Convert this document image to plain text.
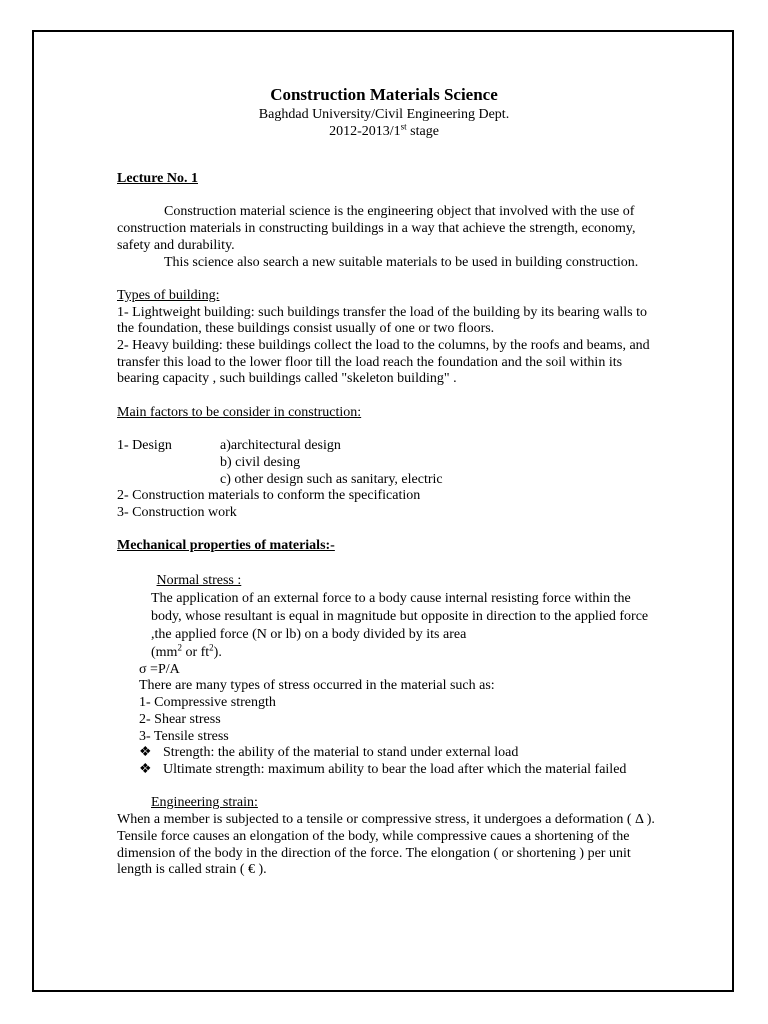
Construction Materials Science
Baghdad University/Civil Engineering Dept.
2012-2013/1st stage
Lecture No. 1

Construction material science is the engineering object that involved with the use of construction materials in constructing buildings in a way that achieve the strength, economy, safety and durability.

This science also search a new suitable materials to be used in building construction.

Types of building:

1- Lightweight building: such buildings transfer the load of the building by its bearing walls to the foundation, these buildings consist usually of one or two floors.

2- Heavy building: these buildings collect the load to the columns, by the roofs and beams, and transfer this load to the lower floor till the load reach the foundation and the soil within its bearing capacity , such buildings called "skeleton building" .

Main factors to be consider in construction:

1- Design	a)architectural design

b) civil desing

c) other design such as sanitary, electric

2- Construction materials to conform the specification

3- Construction work

Mechanical properties of materials:-

Normal stress :

The application of an external force to a body cause internal resisting force within the body, whose resultant is equal in magnitude but opposite in direction to the applied force ,the applied force (N or lb) on a body divided by its area

($mm^2$ or $ft^2$).

σ =P/A

There are many types of stress occurred in the material such as:

1- Compressive strength

2- Shear stress

3- Tensile stress

❖ Strength: the ability of the material to stand under external load
❖ Ultimate strength: maximum ability to bear the load after which the material failed

Engineering strain:

When a member is subjected to a tensile or compressive stress, it undergoes a deformation ( Δ ). Tensile force causes an elongation of the body, while compressive caues a shortening of the dimension of the body in the direction of the force. The elongation ( or shortening ) per unit length is called strain ( € ).
